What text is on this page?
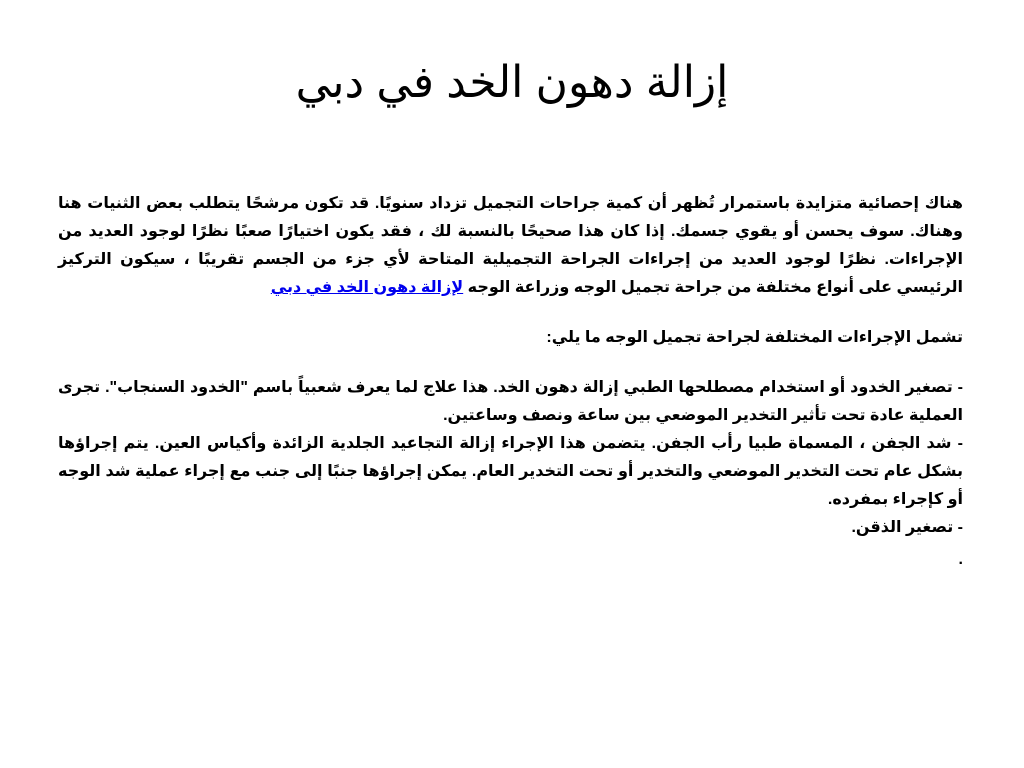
إزالة دهون الخد في دبي

هناك إحصائية متزايدة باستمرار تُظهر أن كمية جراحات التجميل تزداد سنويًا. قد تكون مرشحًا يتطلب بعض الثنيات هنا وهناك. سوف يحسن أو يقوي جسمك. إذا كان هذا صحيحًا بالنسبة لك ، فقد يكون اختيارًا صعبًا نظرًا لوجود العديد من الإجراءات. نظرًا لوجود العديد من إجراءات الجراحة التجميلية المتاحة لأي جزء من الجسم تقريبًا ، سيكون التركيز الرئيسي على أنواع مختلفة من جراحة تجميل الوجه وزراعة الوجه لإزالة دهون الخد في دبي

تشمل الإجراءات المختلفة لجراحة تجميل الوجه ما يلي:

- تصغير الخدود أو استخدام مصطلحها الطبي إزالة دهون الخد. هذا علاج لما يعرف شعبياً باسم "الخدود السنجاب". تجرى العملية عادة تحت تأثير التخدير الموضعي بين ساعة ونصف وساعتين.

- شد الجفن ، المسماة طبيا رأب الجفن. يتضمن هذا الإجراء إزالة التجاعيد الجلدية الزائدة وأكياس العين. يتم إجراؤها بشكل عام تحت التخدير الموضعي والتخدير أو تحت التخدير العام. يمكن إجراؤها جنبًا إلى جنب مع إجراء عملية شد الوجه أو كإجراء بمفرده.

- تصغير الذقن.

.
